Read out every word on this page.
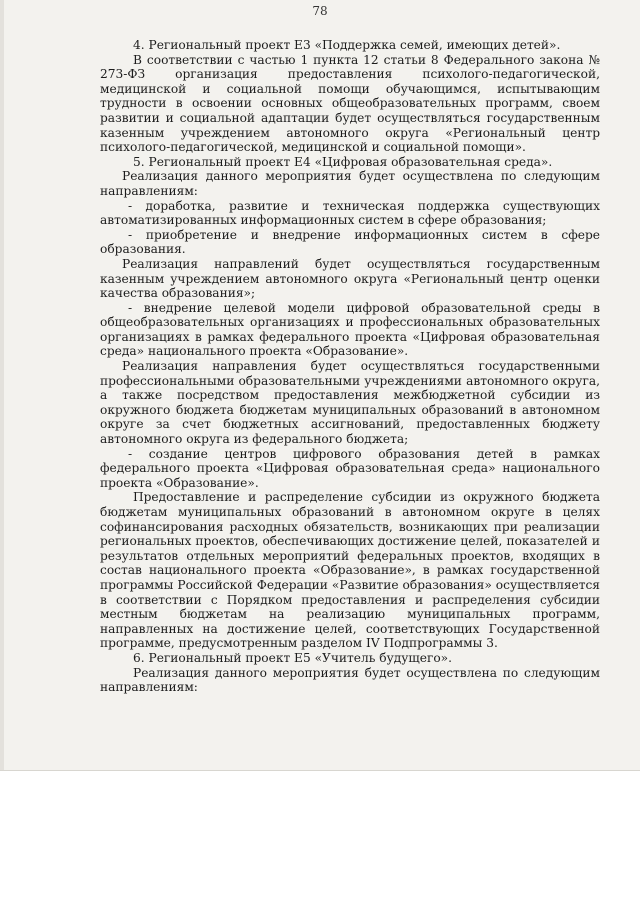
78

4. Региональный проект Е3 «Поддержка семей, имеющих детей».

В соответствии с частью 1 пункта 12 статьи 8 Федерального закона № 273-ФЗ организация предоставления психолого-педагогической, медицинской и социальной помощи обучающимся, испытывающим трудности в освоении основных общеобразовательных программ, своем развитии и социальной адаптации будет осуществляться государственным казенным учреждением автономного округа «Региональный центр психолого-педагогической, медицинской и социальной помощи».

5. Региональный проект Е4 «Цифровая образовательная среда».

Реализация данного мероприятия будет осуществлена по следующим направлениям:

- доработка, развитие и техническая поддержка существующих автоматизированных информационных систем в сфере образования;

- приобретение и внедрение информационных систем в сфере образования.

Реализация направлений будет осуществляться государственным казенным учреждением автономного округа «Региональный центр оценки качества образования»;

- внедрение целевой модели цифровой образовательной среды в общеобразовательных организациях и профессиональных образовательных организациях в рамках федерального проекта «Цифровая образовательная среда» национального проекта «Образование».

Реализация направления будет осуществляться государственными профессиональными образовательными учреждениями автономного округа, а также посредством предоставления межбюджетной субсидии из окружного бюджета бюджетам муниципальных образований в автономном округе за счет бюджетных ассигнований, предоставленных бюджету автономного округа из федерального бюджета;

- создание центров цифрового образования детей в рамках федерального проекта «Цифровая образовательная среда» национального проекта «Образование».

Предоставление и распределение субсидии из окружного бюджета бюджетам муниципальных образований в автономном округе в целях софинансирования расходных обязательств, возникающих при реализации региональных проектов, обеспечивающих достижение целей, показателей и результатов отдельных мероприятий федеральных проектов, входящих в состав национального проекта «Образование», в рамках государственной программы Российской Федерации «Развитие образования» осуществляется в соответствии с Порядком предоставления и распределения субсидии местным бюджетам на реализацию муниципальных программ, направленных на достижение целей, соответствующих Государственной программе, предусмотренным разделом IV Подпрограммы 3.

6. Региональный проект Е5 «Учитель будущего».

Реализация данного мероприятия будет осуществлена по следующим направлениям:
